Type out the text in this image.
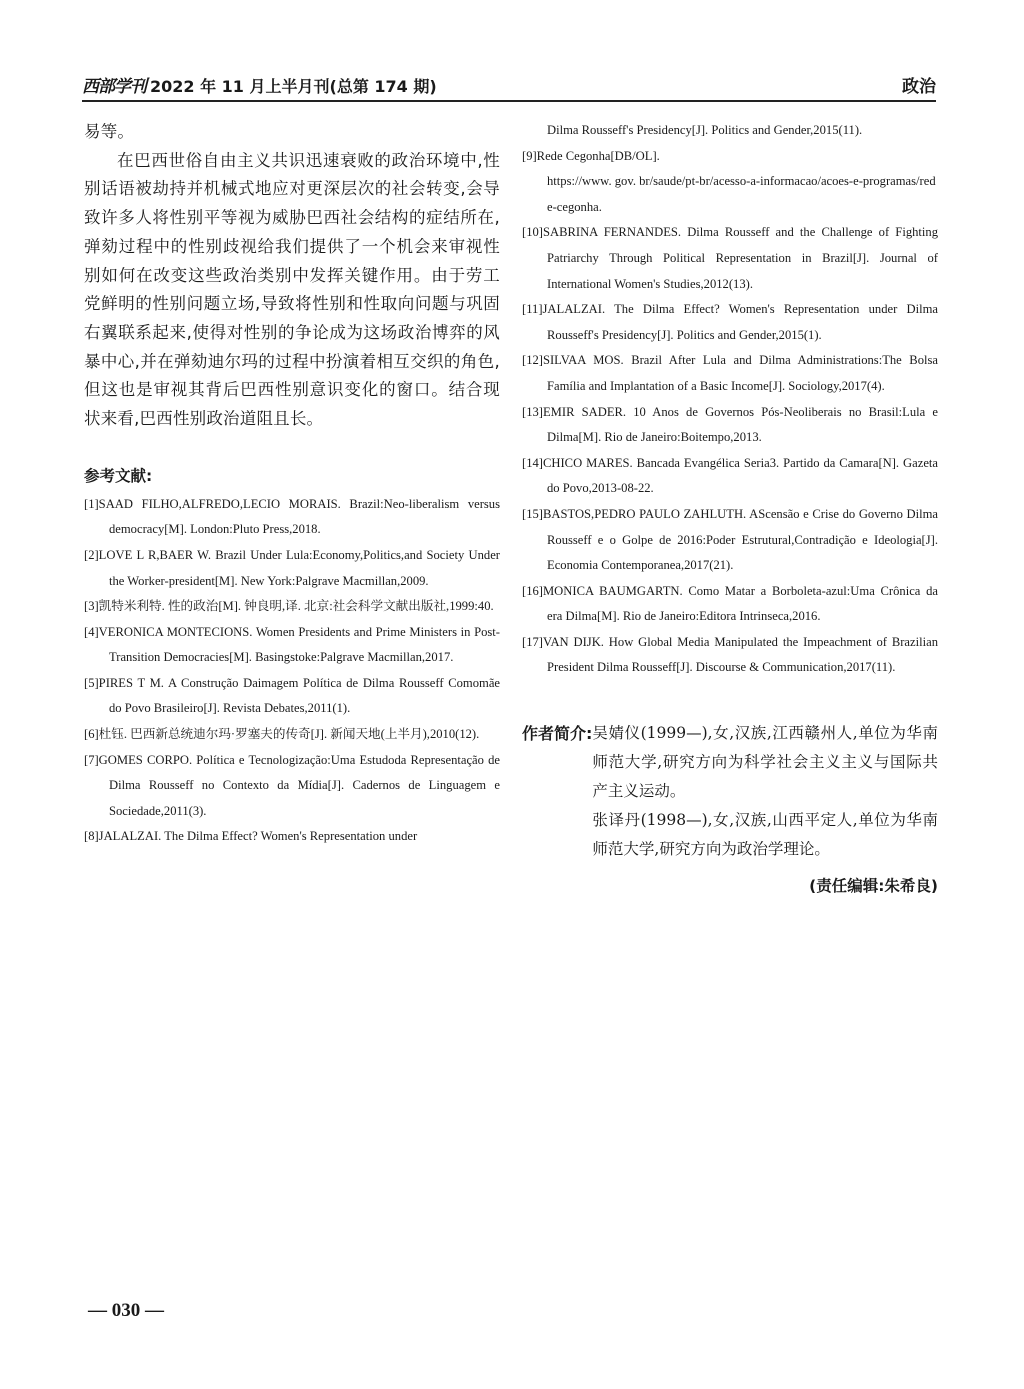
西部学刊 2022 年 11 月上半月刊(总第 174 期)	政治

易等。

在巴西世俗自由主义共识迅速衰败的政治环境中,性别话语被劫持并机械式地应对更深层次的社会转变,会导致许多人将性别平等视为威胁巴西社会结构的症结所在,弹劾过程中的性别歧视给我们提供了一个机会来审视性别如何在改变这些政治类别中发挥关键作用。由于劳工党鲜明的性别问题立场,导致将性别和性取向问题与巩固右翼联系起来,使得对性别的争论成为这场政治博弈的风暴中心,并在弹劾迪尔玛的过程中扮演着相互交织的角色,但这也是审视其背后巴西性别意识变化的窗口。结合现状来看,巴西性别政治道阻且长。

参考文献:

[1]SAAD FILHO,ALFREDO,LECIO MORAIS. Brazil:Neo-liberalism versus democracy[M]. London:Pluto Press,2018.

[2]LOVE L R,BAER W. Brazil Under Lula:Economy,Politics,and Society Under the Worker-president[M]. New York:Palgrave Macmillan,2009.

[3]凯特米利特. 性的政治[M]. 钟良明,译. 北京:社会科学文献出版社,1999:40.

[4]VERONICA MONTECIONS. Women Presidents and Prime Ministers in Post-Transition Democracies[M]. Basingstoke:Palgrave Macmillan,2017.

[5]PIRES T M. A Construção Daimagem Política de Dilma Rousseff Comomãe do Povo Brasileiro[J]. Revista Debates,2011(1).

[6]杜钰. 巴西新总统迪尔玛·罗塞夫的传奇[J]. 新闻天地(上半月),2010(12).

[7]GOMES CORPO. Política e Tecnologização:Uma Estudoda Representação de Dilma Rousseff no Contexto da Mídia[J]. Cadernos de Linguagem e Sociedade,2011(3).

[8]JALALZAI. The Dilma Effect? Women's Representation under

Dilma Rousseff's Presidency[J]. Politics and Gender,2015(11).

[9]Rede Cegonha[DB/OL].

https://www. gov. br/saude/pt-br/acesso-a-informacao/acoes-e-programas/rede-cegonha.

[10]SABRINA FERNANDES. Dilma Rousseff and the Challenge of Fighting Patriarchy Through Political Representation in Brazil[J]. Journal of International Women's Studies,2012(13).

[11]JALALZAI. The Dilma Effect? Women's Representation under Dilma Rousseff's Presidency[J]. Politics and Gender,2015(1).

[12]SILVAA MOS. Brazil After Lula and Dilma Administrations:The Bolsa Família and Implantation of a Basic Income[J]. Sociology,2017(4).

[13]EMIR SADER. 10 Anos de Governos Pós-Neoliberais no Brasil:Lula e Dilma[M]. Rio de Janeiro:Boitempo,2013.

[14]CHICO MARES. Bancada Evangélica Seria3. Partido da Camara[N]. Gazeta do Povo,2013-08-22.

[15]BASTOS,PEDRO PAULO ZAHLUTH. AScensão e Crise do Governo Dilma Rousseff e o Golpe de 2016:Poder Estrutural,Contradição e Ideologia[J]. Economia Contemporanea,2017(21).

[16]MONICA BAUMGARTN. Como Matar a Borboleta-azul:Uma Crônica da era Dilma[M]. Rio de Janeiro:Editora Intrinseca,2016.

[17]VAN DIJK. How Global Media Manipulated the Impeachment of Brazilian President Dilma Rousseff[J]. Discourse & Communication,2017(11).

作者简介: 吴婧仪(1999—),女,汉族,江西赣州人,单位为华南师范大学,研究方向为科学社会主义主义与国际共产主义运动。

张译丹(1998—),女,汉族,山西平定人,单位为华南师范大学,研究方向为政治学理论。

(责任编辑:朱希良)
— 030 —
